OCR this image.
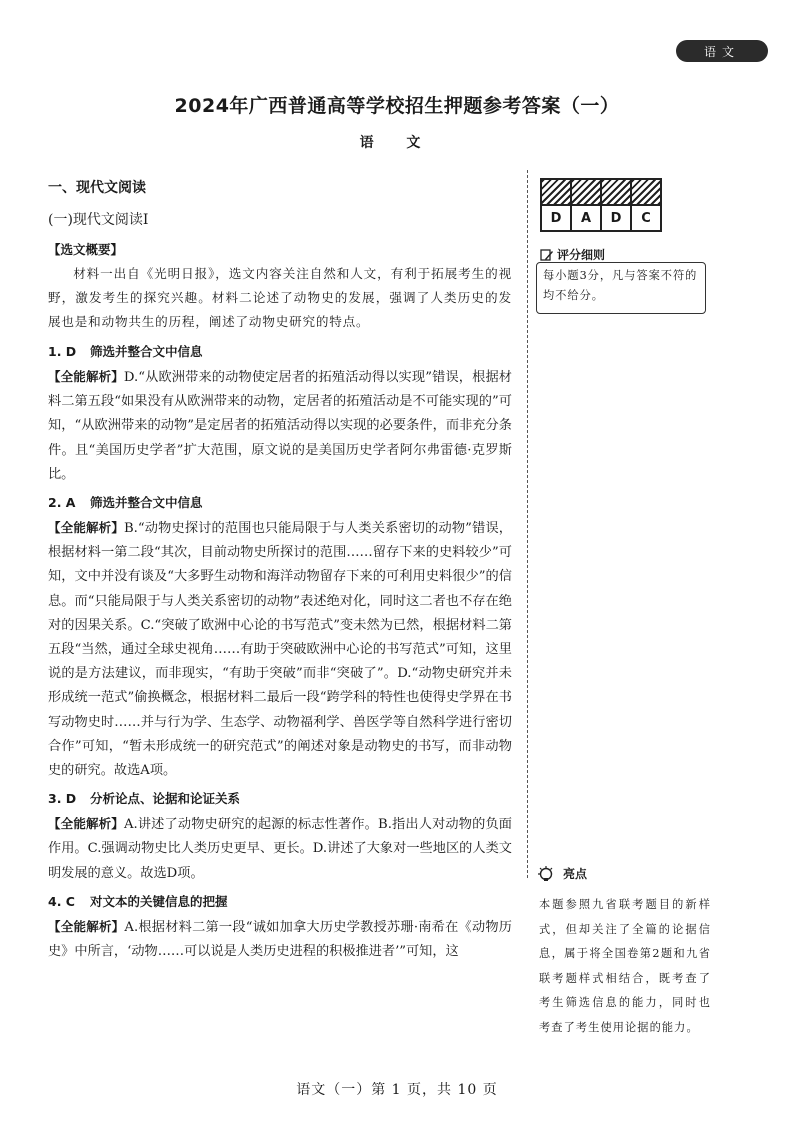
语文
2024年广西普通高等学校招生押题参考答案（一）
语 文
一、现代文阅读
(一)现代文阅读Ⅰ
【选文概要】

材料一出自《光明日报》，选文内容关注自然和人文，有利于拓展考生的视野，激发考生的探究兴趣。材料二论述了动物史的发展，强调了人类历史的发展也是和动物共生的历程，阐述了动物史研究的特点。

1. D 筛选并整合文中信息

【全能解析】D.“从欧洲带来的动物使定居者的拓殖活动得以实现”错误，根据材料二第五段“如果没有从欧洲带来的动物，定居者的拓殖活动是不可能实现的”可知，“从欧洲带来的动物”是定居者的拓殖活动得以实现的必要条件，而非充分条件。且“美国历史学者”扩大范围，原文说的是美国历史学者阿尔弗雷德·克罗斯比。

2. A 筛选并整合文中信息

【全能解析】B.“动物史探讨的范围也只能局限于与人类关系密切的动物”错误，根据材料一第二段“其次，目前动物史所探讨的范围……留存下来的史料较少”可知，文中并没有谈及“大多野生动物和海洋动物留存下来的可利用史料很少”的信息。而“只能局限于与人类关系密切的动物”表述绝对化，同时这二者也不存在绝对的因果关系。C.“突破了欧洲中心论的书写范式”变未然为已然，根据材料二第五段“当然，通过全球史视角……有助于突破欧洲中心论的书写范式”可知，这里说的是方法建议，而非现实，“有助于突破”而非“突破了”。D.“动物史研究并未形成统一范式”偷换概念，根据材料二最后一段“跨学科的特性也使得史学界在书写动物史时……并与行为学、生态学、动物福利学、兽医学等自然科学进行密切合作”可知，“暂未形成统一的研究范式”的阐述对象是动物史的书写，而非动物史的研究。故选A项。

3. D 分析论点、论据和论证关系

【全能解析】A.讲述了动物史研究的起源的标志性著作。B.指出人对动物的负面作用。C.强调动物史比人类历史更早、更长。D.讲述了大象对一些地区的人类文明发展的意义。故选D项。

4. C 对文本的关键信息的把握

【全能解析】A.根据材料二第一段“诚如加拿大历史学教授苏珊·南希在《动物历史》中所言，‘动物……可以说是人类历史进程的积极推进者’”可知，这

D	A	D	C
评分细则
每小题3分，凡与答案不符的均不给分。
亮点
本题参照九省联考题目的新样式，但却关注了全篇的论据信息，属于将全国卷第2题和九省联考题样式相结合，既考查了考生筛选信息的能力，同时也考查了考生使用论据的能力。
语文（一）第 1 页，共 10 页
